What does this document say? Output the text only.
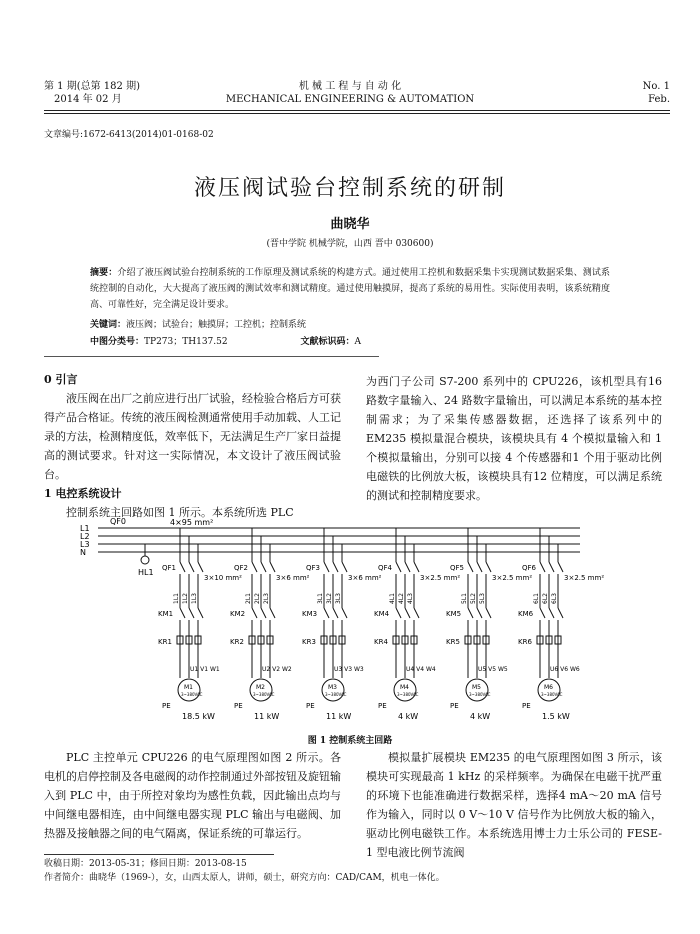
第 1 期(总第 182 期)
2014 年 02 月
机 械 工 程 与 自 动 化
MECHANICAL ENGINEERING & AUTOMATION
No. 1
Feb.
文章编号:1672-6413(2014)01-0168-02
液压阀试验台控制系统的研制
曲晓华
(晋中学院 机械学院，山西 晋中 030600)
摘要：介绍了液压阀试验台控制系统的工作原理及测试系统的构建方式。通过使用工控机和数据采集卡实现测试数据采集、测试系统控制的自动化，大大提高了液压阀的测试效率和测试精度。通过使用触摸屏，提高了系统的易用性。实际使用表明，该系统精度高、可靠性好，完全满足设计要求。
关键词：液压阀；试验台；触摸屏；工控机；控制系统
中图分类号：TP273；TH137.52	文献标识码：A
0 引言
液压阀在出厂之前应进行出厂试验，经检验合格后方可获得产品合格证。传统的液压阀检测通常使用手动加载、人工记录的方法，检测精度低，效率低下，无法满足生产厂家日益提高的测试要求。针对这一实际情况，本文设计了液压阀试验台。
1 电控系统设计
控制系统主回路如图 1 所示。本系统所选 PLC
为西门子公司 S7-200 系列中的 CPU226，该机型具有16 路数字量输入、24 路数字量输出，可以满足本系统的基本控制需求；为了采集传感器数据，还选择了该系列中的 EM235 模拟量混合模块，该模块具有 4 个模拟量输入和 1 个模拟量输出，分别可以接 4 个传感器和1 个用于驱动比例电磁铁的比例放大板，该模块具有12 位精度，可以满足系统的测试和控制精度要求。
L1
L2
L3
N
QF0	4×95 mm²
HL1 QF1
3×10 mm²
1L1 1L2 1L3
KM1
KR1
U1 V1 W1
M1
3~380VAC
PE
18.5 kW
QF2
3×6 mm²
2L1 2L2 2L3
KM2
KR2
U2 V2 W2
M2
3~380VAC
PE
11 kW
QF3
3×6 mm²
3L1 3L2 3L3
KM3
KR3
U3 V3 W3
M3
3~380VAC
PE
11 kW
QF4
3×2.5 mm²
4L1 4L2 4L3
KM4
KR4
U4 V4 W4
M4
3~380VAC
PE
4 kW
QF5
3×2.5 mm²
5L1 5L2 5L3
KM5
KR5
U5 V5 W5
M5
3~380VAC
PE
4 kW
QF6
3×2.5 mm²
6L1 6L2 6L3
KM6
KR6
U6 V6 W6
M6
3~380VAC
PE
1.5 kW
图 1 控制系统主回路
PLC 主控单元 CPU226 的电气原理图如图 2 所示。各电机的启停控制及各电磁阀的动作控制通过外部按钮及旋钮输入到 PLC 中，由于所控对象均为感性负载，因此输出点均与中间继电器相连，由中间继电器实现 PLC 输出与电磁阀、加热器及接触器之间的电气隔离，保证系统的可靠运行。
模拟量扩展模块 EM235 的电气原理图如图 3 所示，该模块可实现最高 1 kHz 的采样频率。为确保在电磁干扰严重的环境下也能准确进行数据采样，选择4 mA～20 mA 信号作为输入，同时以 0 V～10 V 信号作为比例放大板的输入，驱动比例电磁铁工作。本系统选用博士力士乐公司的 FESE-1 型电液比例节流阀
收稿日期：2013-05-31；修回日期：2013-08-15
作者简介：曲晓华（1969-），女，山西太原人，讲师，硕士，研究方向：CAD/CAM，机电一体化。
